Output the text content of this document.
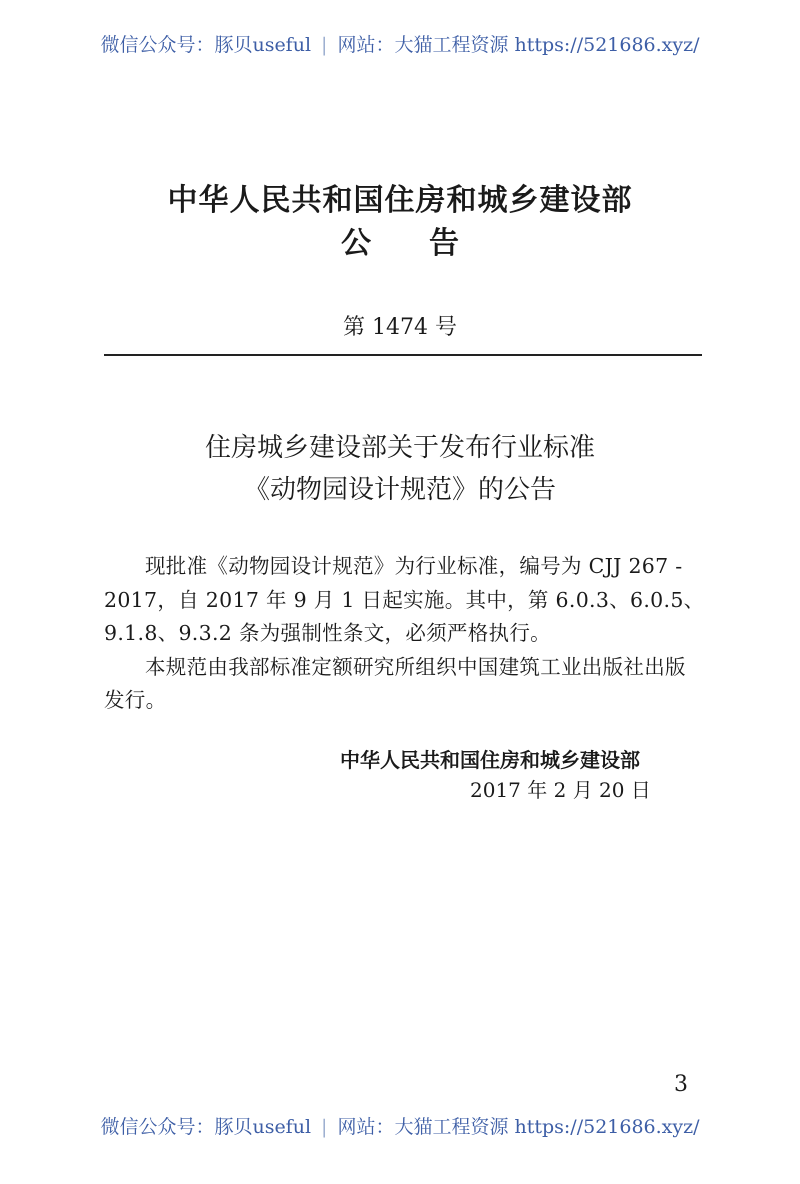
微信公众号：豚贝useful | 网站：大猫工程资源 https://521686.xyz/
中华人民共和国住房和城乡建设部
公告
第 1474 号
住房城乡建设部关于发布行业标准
《动物园设计规范》的公告
现批准《动物园设计规范》为行业标准，编号为 CJJ 267 -
2017，自 2017 年 9 月 1 日起实施。其中，第 6.0.3、6.0.5、
9.1.8、9.3.2 条为强制性条文，必须严格执行。
本规范由我部标准定额研究所组织中国建筑工业出版社出版
发行。
中华人民共和国住房和城乡建设部
2017 年 2 月 20 日
3
微信公众号：豚贝useful | 网站：大猫工程资源 https://521686.xyz/
